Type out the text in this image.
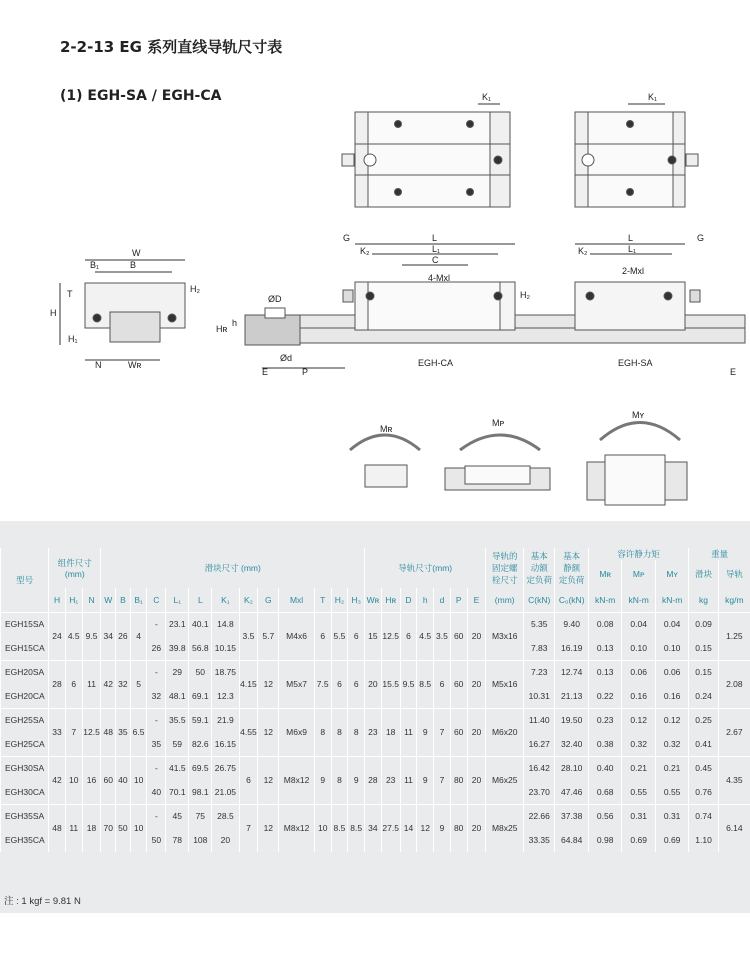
2-2-13 EG 系列直线导轨尺寸表
(1) EGH-SA / EGH-CA	K₁	K₁
W
B
B₁
T	H₂
H
H₁
N	Wʀ
ØD
Hʀ
h
Ød
E	P
G	G
K₂	K₂
L	L
L₁	L₁
C
4-Mxl
2-Mxl
H₂
EGH-CA	EGH-SA
E
Mʀ
Mᴘ
Mʏ
型号	组件尺寸
(mm)			滑块尺寸 (mm)													导轨尺寸(mm)							导轨的
固定螺
栓尺寸	基本
动额
定负荷	基本
静额
定负荷	容许静力矩			重量	
																											Mʀ	Mᴘ	Mʏ	滑块	导轨
	H	H₁	N	W	B	B₁	C	L₁	L	K₁	K₂	G	Mxl	T	H₂	H₃	Wʀ	Hʀ	D	h	d	P	E	(mm)	C(kN)	C₀(kN)	kN-m	kN-m	kN-m	kg	kg/m
EGH15SA	24	4.5	9.5	34	26	4	-	23.1	40.1	14.8	3.5	5.7	M4x6	6	5.5	6	15	12.5	6	4.5	3.5	60	20	M3x16	5.35	9.40	0.08	0.04	0.04	0.09	1.25
EGH15CA							26	39.8	56.8	10.15															7.83	16.19	0.13	0.10	0.10	0.15	
EGH20SA	28	6	11	42	32	5	-	29	50	18.75	4.15	12	M5x7	7.5	6	6	20	15.5	9.5	8.5	6	60	20	M5x16	7.23	12.74	0.13	0.06	0.06	0.15	2.08
EGH20CA							32	48.1	69.1	12.3															10.31	21.13	0.22	0.16	0.16	0.24	
EGH25SA	33	7	12.5	48	35	6.5	-	35.5	59.1	21.9	4.55	12	M6x9	8	8	8	23	18	11	9	7	60	20	M6x20	11.40	19.50	0.23	0.12	0.12	0.25	2.67
EGH25CA							35	59	82.6	16.15															16.27	32.40	0.38	0.32	0.32	0.41	
EGH30SA	42	10	16	60	40	10	-	41.5	69.5	26.75	6	12	M8x12	9	8	9	28	23	11	9	7	80	20	M6x25	16.42	28.10	0.40	0.21	0.21	0.45	4.35
EGH30CA							40	70.1	98.1	21.05															23.70	47.46	0.68	0.55	0.55	0.76	
EGH35SA	48	11	18	70	50	10	-	45	75	28.5	7	12	M8x12	10	8.5	8.5	34	27.5	14	12	9	80	20	M8x25	22.66	37.38	0.56	0.31	0.31	0.74	6.14
EGH35CA							50	78	108	20															33.35	64.84	0.98	0.69	0.69	1.10	
注 : 1 kgf = 9.81 N
